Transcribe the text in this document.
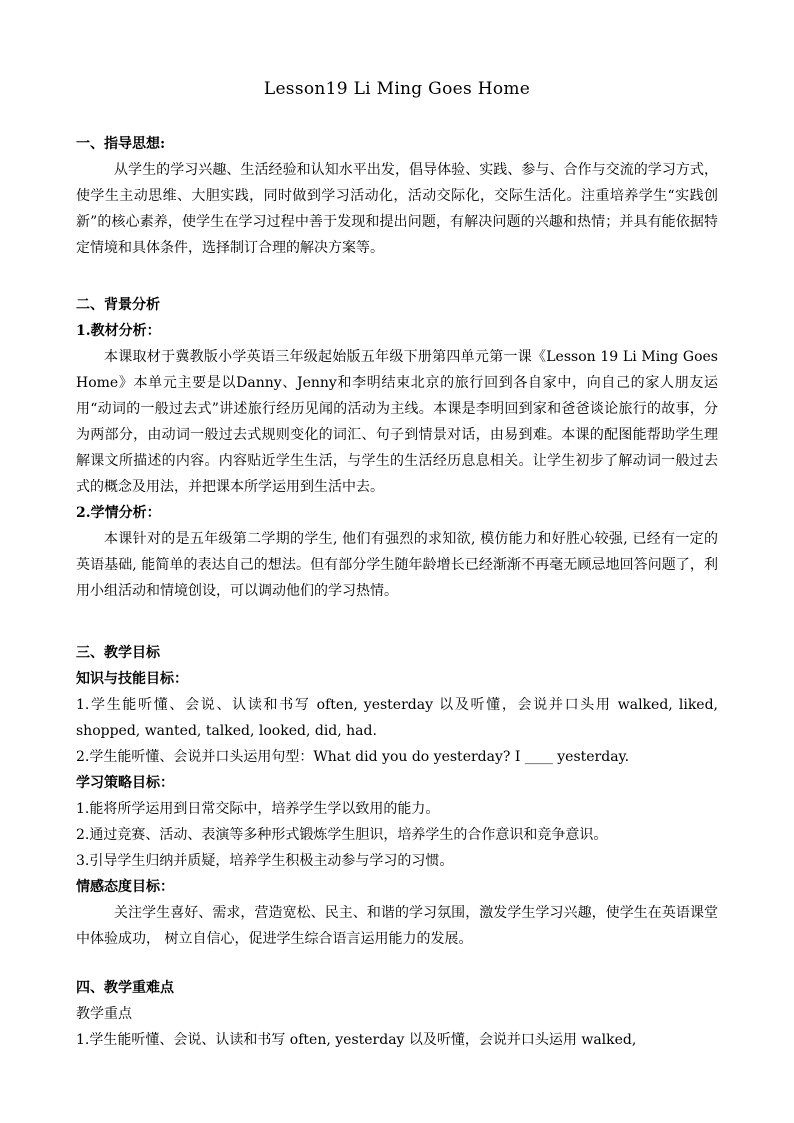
Lesson19 Li Ming Goes Home

一、指导思想:

从学生的学习兴趣、生活经验和认知水平出发，倡导体验、实践、参与、合作与交流的学习方式，使学生主动思维、大胆实践，同时做到学习活动化，活动交际化，交际生活化。注重培养学生“实践创新”的核心素养，使学生在学习过程中善于发现和提出问题，有解决问题的兴趣和热情；并具有能依据特定情境和具体条件，选择制订合理的解决方案等。

二、背景分析

1.教材分析：

本课取材于冀教版小学英语三年级起始版五年级下册第四单元第一课《Lesson 19 Li Ming Goes Home》本单元主要是以Danny、Jenny和李明结束北京的旅行回到各自家中，向自己的家人朋友运用“动词的一般过去式”讲述旅行经历见闻的活动为主线。本课是李明回到家和爸爸谈论旅行的故事，分为两部分，由动词一般过去式规则变化的词汇、句子到情景对话，由易到难。本课的配图能帮助学生理解课文所描述的内容。内容贴近学生生活，与学生的生活经历息息相关。让学生初步了解动词一般过去式的概念及用法，并把课本所学运用到生活中去。

2.学情分析：

本课针对的是五年级第二学期的学生, 他们有强烈的求知欲, 模仿能力和好胜心较强, 已经有一定的英语基础, 能简单的表达自己的想法。但有部分学生随年龄增长已经渐渐不再毫无顾忌地回答问题了，利用小组活动和情境创设，可以调动他们的学习热情。

三、教学目标

知识与技能目标：

1.学生能听懂、会说、认读和书写 often, yesterday 以及听懂，会说并口头用 walked, liked, shopped, wanted, talked, looked, did, had.

2.学生能听懂、会说并口头运用句型：What did you do yesterday? I ____ yesterday.

学习策略目标：

1.能将所学运用到日常交际中，培养学生学以致用的能力。

2.通过竞赛、活动、表演等多种形式锻炼学生胆识，培养学生的合作意识和竞争意识。

3.引导学生归纳并质疑，培养学生积极主动参与学习的习惯。

情感态度目标：

关注学生喜好、需求，营造宽松、民主、和谐的学习氛围，激发学生学习兴趣，使学生在英语课堂中体验成功， 树立自信心，促进学生综合语言运用能力的发展。

四、教学重难点

教学重点

1.学生能听懂、会说、认读和书写 often, yesterday 以及听懂，会说并口头运用 walked,
